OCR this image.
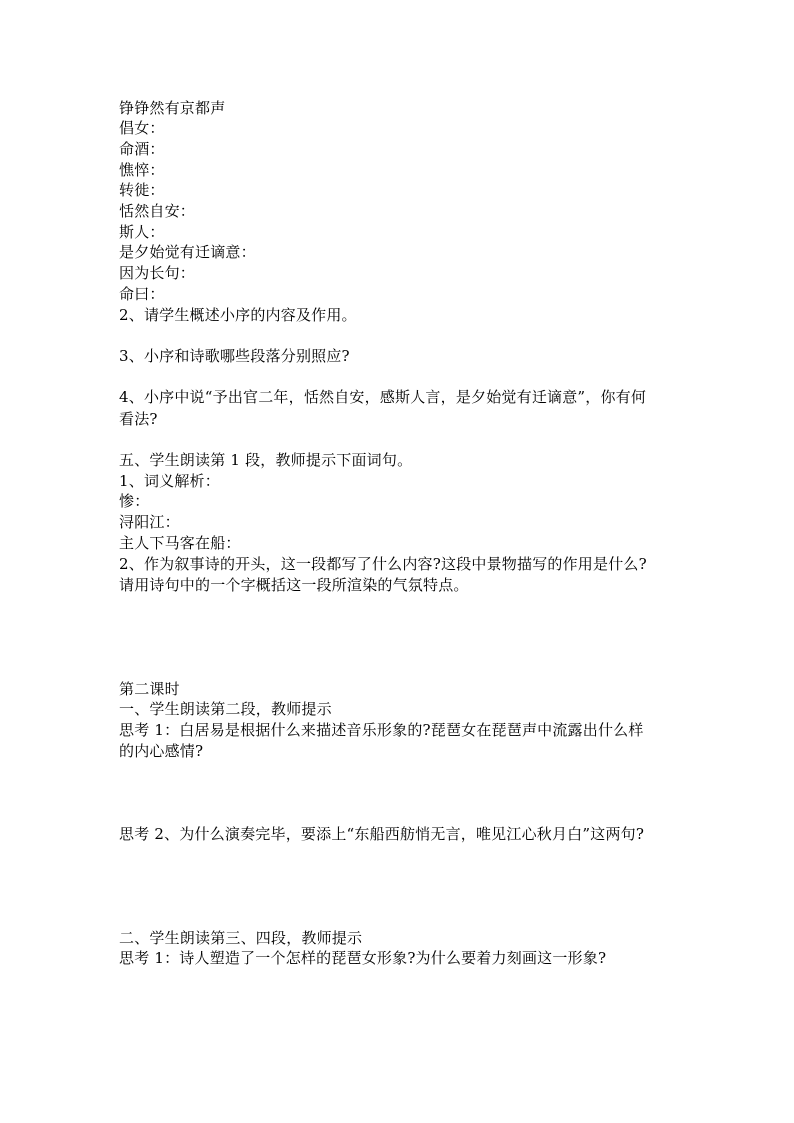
铮铮然有京都声
倡女：
命酒：
憔悴：
转徙：
恬然自安：
斯人：
是夕始觉有迁谪意：
因为长句：
命曰：
2、请学生概述小序的内容及作用。
3、小序和诗歌哪些段落分别照应?
4、小序中说“予出官二年，恬然自安，感斯人言，是夕始觉有迁谪意”，你有何
看法?
五、学生朗读第 1 段，教师提示下面词句。
1、词义解析：
惨：
浔阳江：
主人下马客在船：
2、作为叙事诗的开头，这一段都写了什么内容?这段中景物描写的作用是什么?
请用诗句中的一个字概括这一段所渲染的气氛特点。
第二课时
一、学生朗读第二段，教师提示
思考 1：白居易是根据什么来描述音乐形象的?琵琶女在琵琶声中流露出什么样
的内心感情?
思考 2、为什么演奏完毕，要添上“东船西舫悄无言，唯见江心秋月白”这两句?
二、学生朗读第三、四段，教师提示
思考 1：诗人塑造了一个怎样的琵琶女形象?为什么要着力刻画这一形象?
